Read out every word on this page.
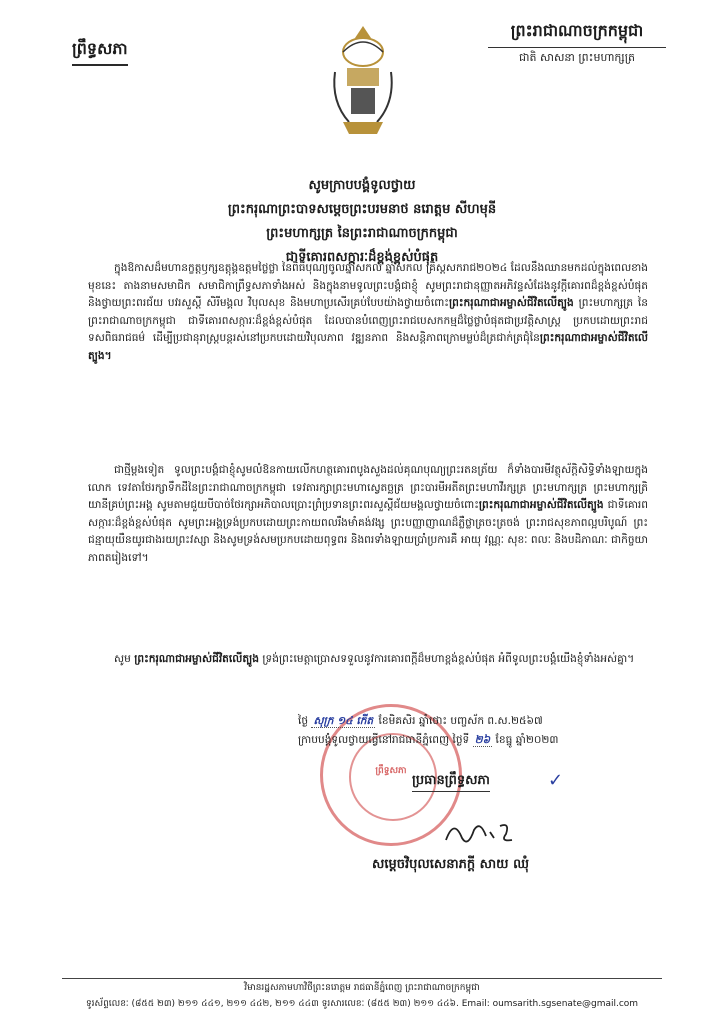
ព្រឹទ្ធសភា
ព្រះរាជាណាចក្រកម្ពុជា
ជាតិ សាសនា ព្រះមហាក្សត្រ
សូមក្រាបបង្គំទូលថ្វាយ
ព្រះករុណាព្រះបាទសម្តេចព្រះបរមនាថ នរោត្តម សីហមុនី
ព្រះមហាក្សត្រ នៃព្រះរាជាណាចក្រកម្ពុជា
ជាទីគោរពសក្ការៈដ៏ខ្ពង់ខ្ពស់បំផុត
ក្នុងឱកាសដ៏មហានក្ខត្តឫក្សឧត្តុង្គឧត្តមថ្លៃថ្លា នៃពិធីបុណ្យចូលឆ្នាំសកល ឆ្នាំសកល គ្រិស្តសករាជ២០២៤ ដែលនឹងឈានមកដល់ក្នុងពេលខាងមុខនេះ តាងនាមសមាជិក សមាជិកាព្រឹទ្ធសភាទាំងអស់ និងក្នុងនាមទូលព្រះបង្គំជាខ្ញុំ សូមព្រះរាជានុញ្ញាតអភិវន្ទសំដែងនូវក្តីគោរពដ៏ខ្ពង់ខ្ពស់បំផុត និងថ្វាយព្រះពរជ័យ បវរសួស្តី សិរីមង្គល វិបុលសុខ និងមហាប្រសើរគ្រប់បែបយ៉ាងថ្វាយចំពោះព្រះករុណាជាអម្ចាស់ជីវិតលើត្បូង ព្រះមហាក្សត្រ នៃព្រះរាជាណាចក្រកម្ពុជា ជាទីគោរពសក្ការៈដ៏ខ្ពង់ខ្ពស់បំផុត ដែលបានបំពេញព្រះរាជបេសកកម្មដ៏ថ្លៃថ្លាបំផុតជាប្រវត្តិសាស្ត្រ ប្រកបដោយព្រះរាជទសពិធរាជធម៌ ដើម្បីប្រជានុរាស្ត្របន្តរស់នៅប្រកបដោយវិបុលភាព វឌ្ឍនភាព និងសន្តិភាពក្រោមម្លប់ដ៏ត្រជាក់ត្រជុំនៃព្រះករុណាជាអម្ចាស់ជីវិតលើត្បូង។
ជាថ្មីម្តងទៀត ទូលព្រះបង្គំជាខ្ញុំសូមលំឱនកាយលើកហត្ថគោរពបូងសួងដល់គុណបុណ្យព្រះរតនត្រ័យ ក៏ទាំងបារមីវត្ថុស័ក្តិសិទ្ធិទាំងឡាយក្នុងលោក ទេវតាថែរក្សាទឹកដីនៃព្រះរាជាណាចក្រកម្ពុជា ទេវតារក្សាព្រះមហាស្វេតច្ឆត្រ ព្រះបារមីអតីតព្រះមហាវីរក្សត្រ ព្រះមហាក្សត្រ ព្រះមហាក្សត្រិយានីគ្រប់ព្រះអង្គ សូមតាមជួយបីបាច់ថែរក្សាអភិបាលប្រោះព្រំប្រទានព្រះពរសួស្តីជ័យមង្គលថ្វាយចំពោះព្រះករុណាជាអម្ចាស់ជីវិតលើត្បូង ជាទីគោរពសក្ការៈដ៏ខ្ពង់ខ្ពស់បំផុត សូមព្រះអង្គទ្រង់ប្រកបដោយព្រះកាយពលរឹងមាំគង់វង្ស ព្រះបញ្ញាញាណដ៏ភ្លឺថ្លាត្រចះត្រចង់ ព្រះរាជសុខភាពល្អបរិបូណ៍ ព្រះជន្មាយុយឺនយូរជាងរយព្រះវស្សា និងសូមទ្រង់សមប្រកបដោយពុទ្ធពរ និងពរទាំងឡាយប្រាំប្រការគឺ អាយុ វណ្ណៈ សុខៈ ពលៈ និងបដិភាណៈ ជាកិច្ចយាភាពតរៀងទៅ។
សូម ព្រះករុណាជាអម្ចាស់ជីវិតលើត្បូង ទ្រង់ព្រះមេត្តាប្រោសទទួលនូវការគោរពក្តីដ៏មហាខ្ពង់ខ្ពស់បំផុត អំពីទូលព្រះបង្គំយើងខ្ញុំទាំងអស់គ្នា។
ព្រឹទ្ធសភា
ថ្ងៃ សុក្រ ១៤ កើត ខែមិគសិរ ឆ្នាំថោះ បញ្ចស័ក ព.ស.២៥៦៧
ក្រាបបង្គំទូលថ្វាយធ្វើនៅរាជធានីភ្នំពេញ ថ្ងៃទី ២៦ ខែធ្នូ ឆ្នាំ២០២៣
ប្រធានព្រឹទ្ធសភា	✓
សម្តេចវិបុលសេនាភក្តី សាយ ឈុំ
វិមានរដ្ឋសភាមហាវិថីព្រះនរោត្តម រាជធានីភ្នំពេញ ព្រះរាជាណាចក្រកម្ពុជា
ទូរស័ព្ទលេខៈ (៨៥៥ ២៣) ២១១ ៤៤១, ២១១ ៤៤២, ២១១ ៤៤៣ ទូរសារលេខៈ (៨៥៥ ២៣) ២១១ ៤៤៦. Email: oumsarith.sgsenate@gmail.com
